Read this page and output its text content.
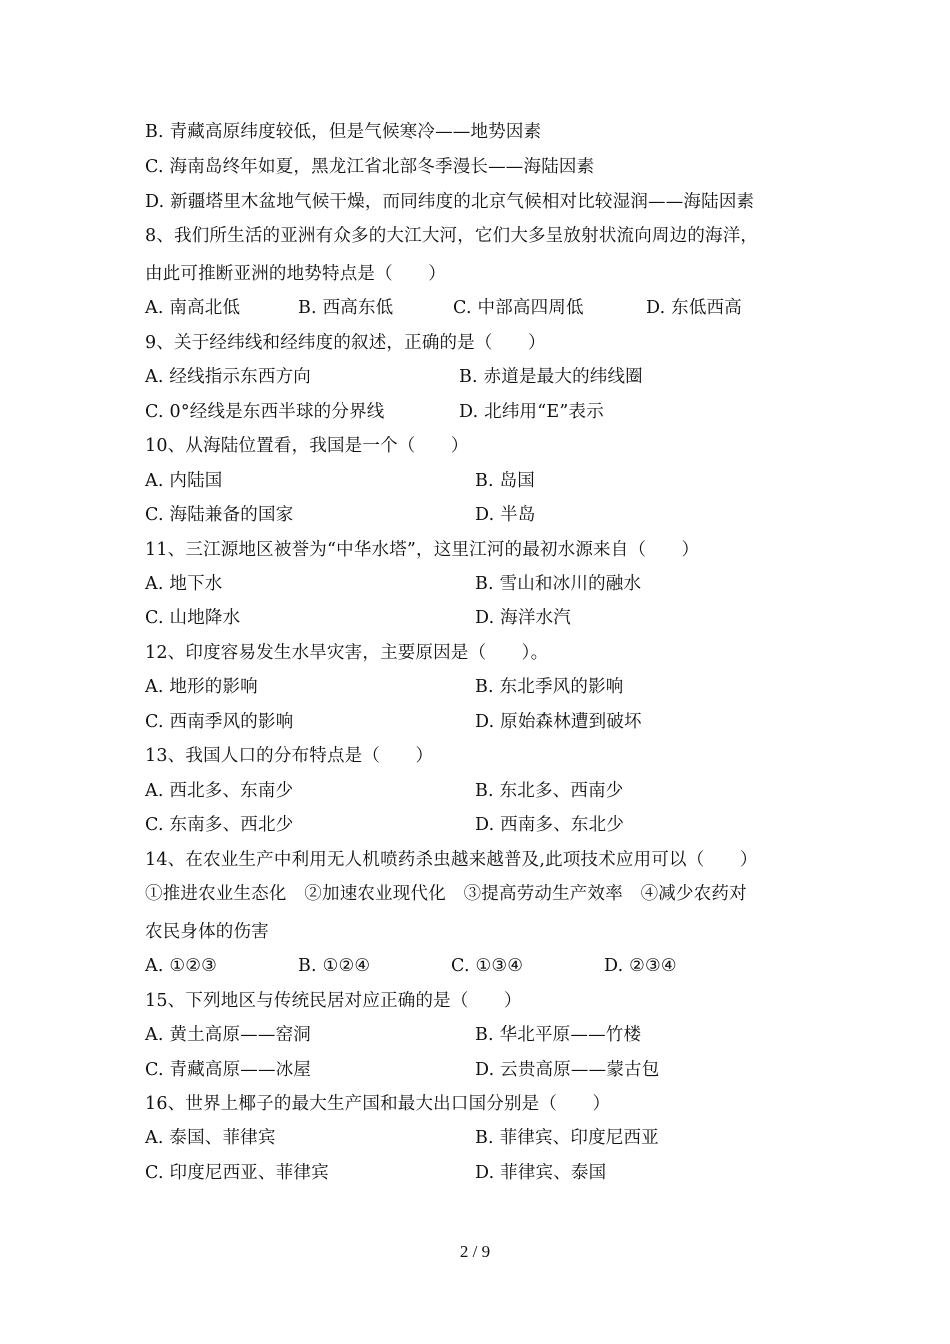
B. 青藏高原纬度较低，但是气候寒冷——地势因素
C. 海南岛终年如夏，黑龙江省北部冬季漫长——海陆因素
D. 新疆塔里木盆地气候干燥，而同纬度的北京气候相对比较湿润——海陆因素
8、我们所生活的亚洲有众多的大江大河，它们大多呈放射状流向周边的海洋，
由此可推断亚洲的地势特点是（　　）
A. 南高北低	B. 西高东低	C. 中部高四周低	D. 东低西高
9、关于经纬线和经纬度的叙述，正确的是（　　）
A. 经线指示东西方向	B. 赤道是最大的纬线圈
C. 0°经线是东西半球的分界线	D. 北纬用“E”表示
10、从海陆位置看，我国是一个（　　）
A. 内陆国	B. 岛国
C. 海陆兼备的国家	D. 半岛
11、三江源地区被誉为“中华水塔”，这里江河的最初水源来自（　　）
A. 地下水	B. 雪山和冰川的融水
C. 山地降水	D. 海洋水汽
12、印度容易发生水旱灾害，主要原因是（　　）。
A. 地形的影响	B. 东北季风的影响
C. 西南季风的影响	D. 原始森林遭到破坏
13、我国人口的分布特点是（　　）
A. 西北多、东南少	B. 东北多、西南少
C. 东南多、西北少	D. 西南多、东北少
14、在农业生产中利用无人机喷药杀虫越来越普及,此项技术应用可以（　　）
①推进农业生态化　②加速农业现代化　③提高劳动生产效率　④减少农药对
农民身体的伤害
A. ①②③	B. ①②④	C. ①③④	D. ②③④
15、下列地区与传统民居对应正确的是（　　）
A. 黄土高原——窑洞	B. 华北平原——竹楼
C. 青藏高原——冰屋	D. 云贵高原——蒙古包
16、世界上椰子的最大生产国和最大出口国分别是（　　）
A. 泰国、菲律宾	B. 菲律宾、印度尼西亚
C. 印度尼西亚、菲律宾	D. 菲律宾、泰国
2 / 9
